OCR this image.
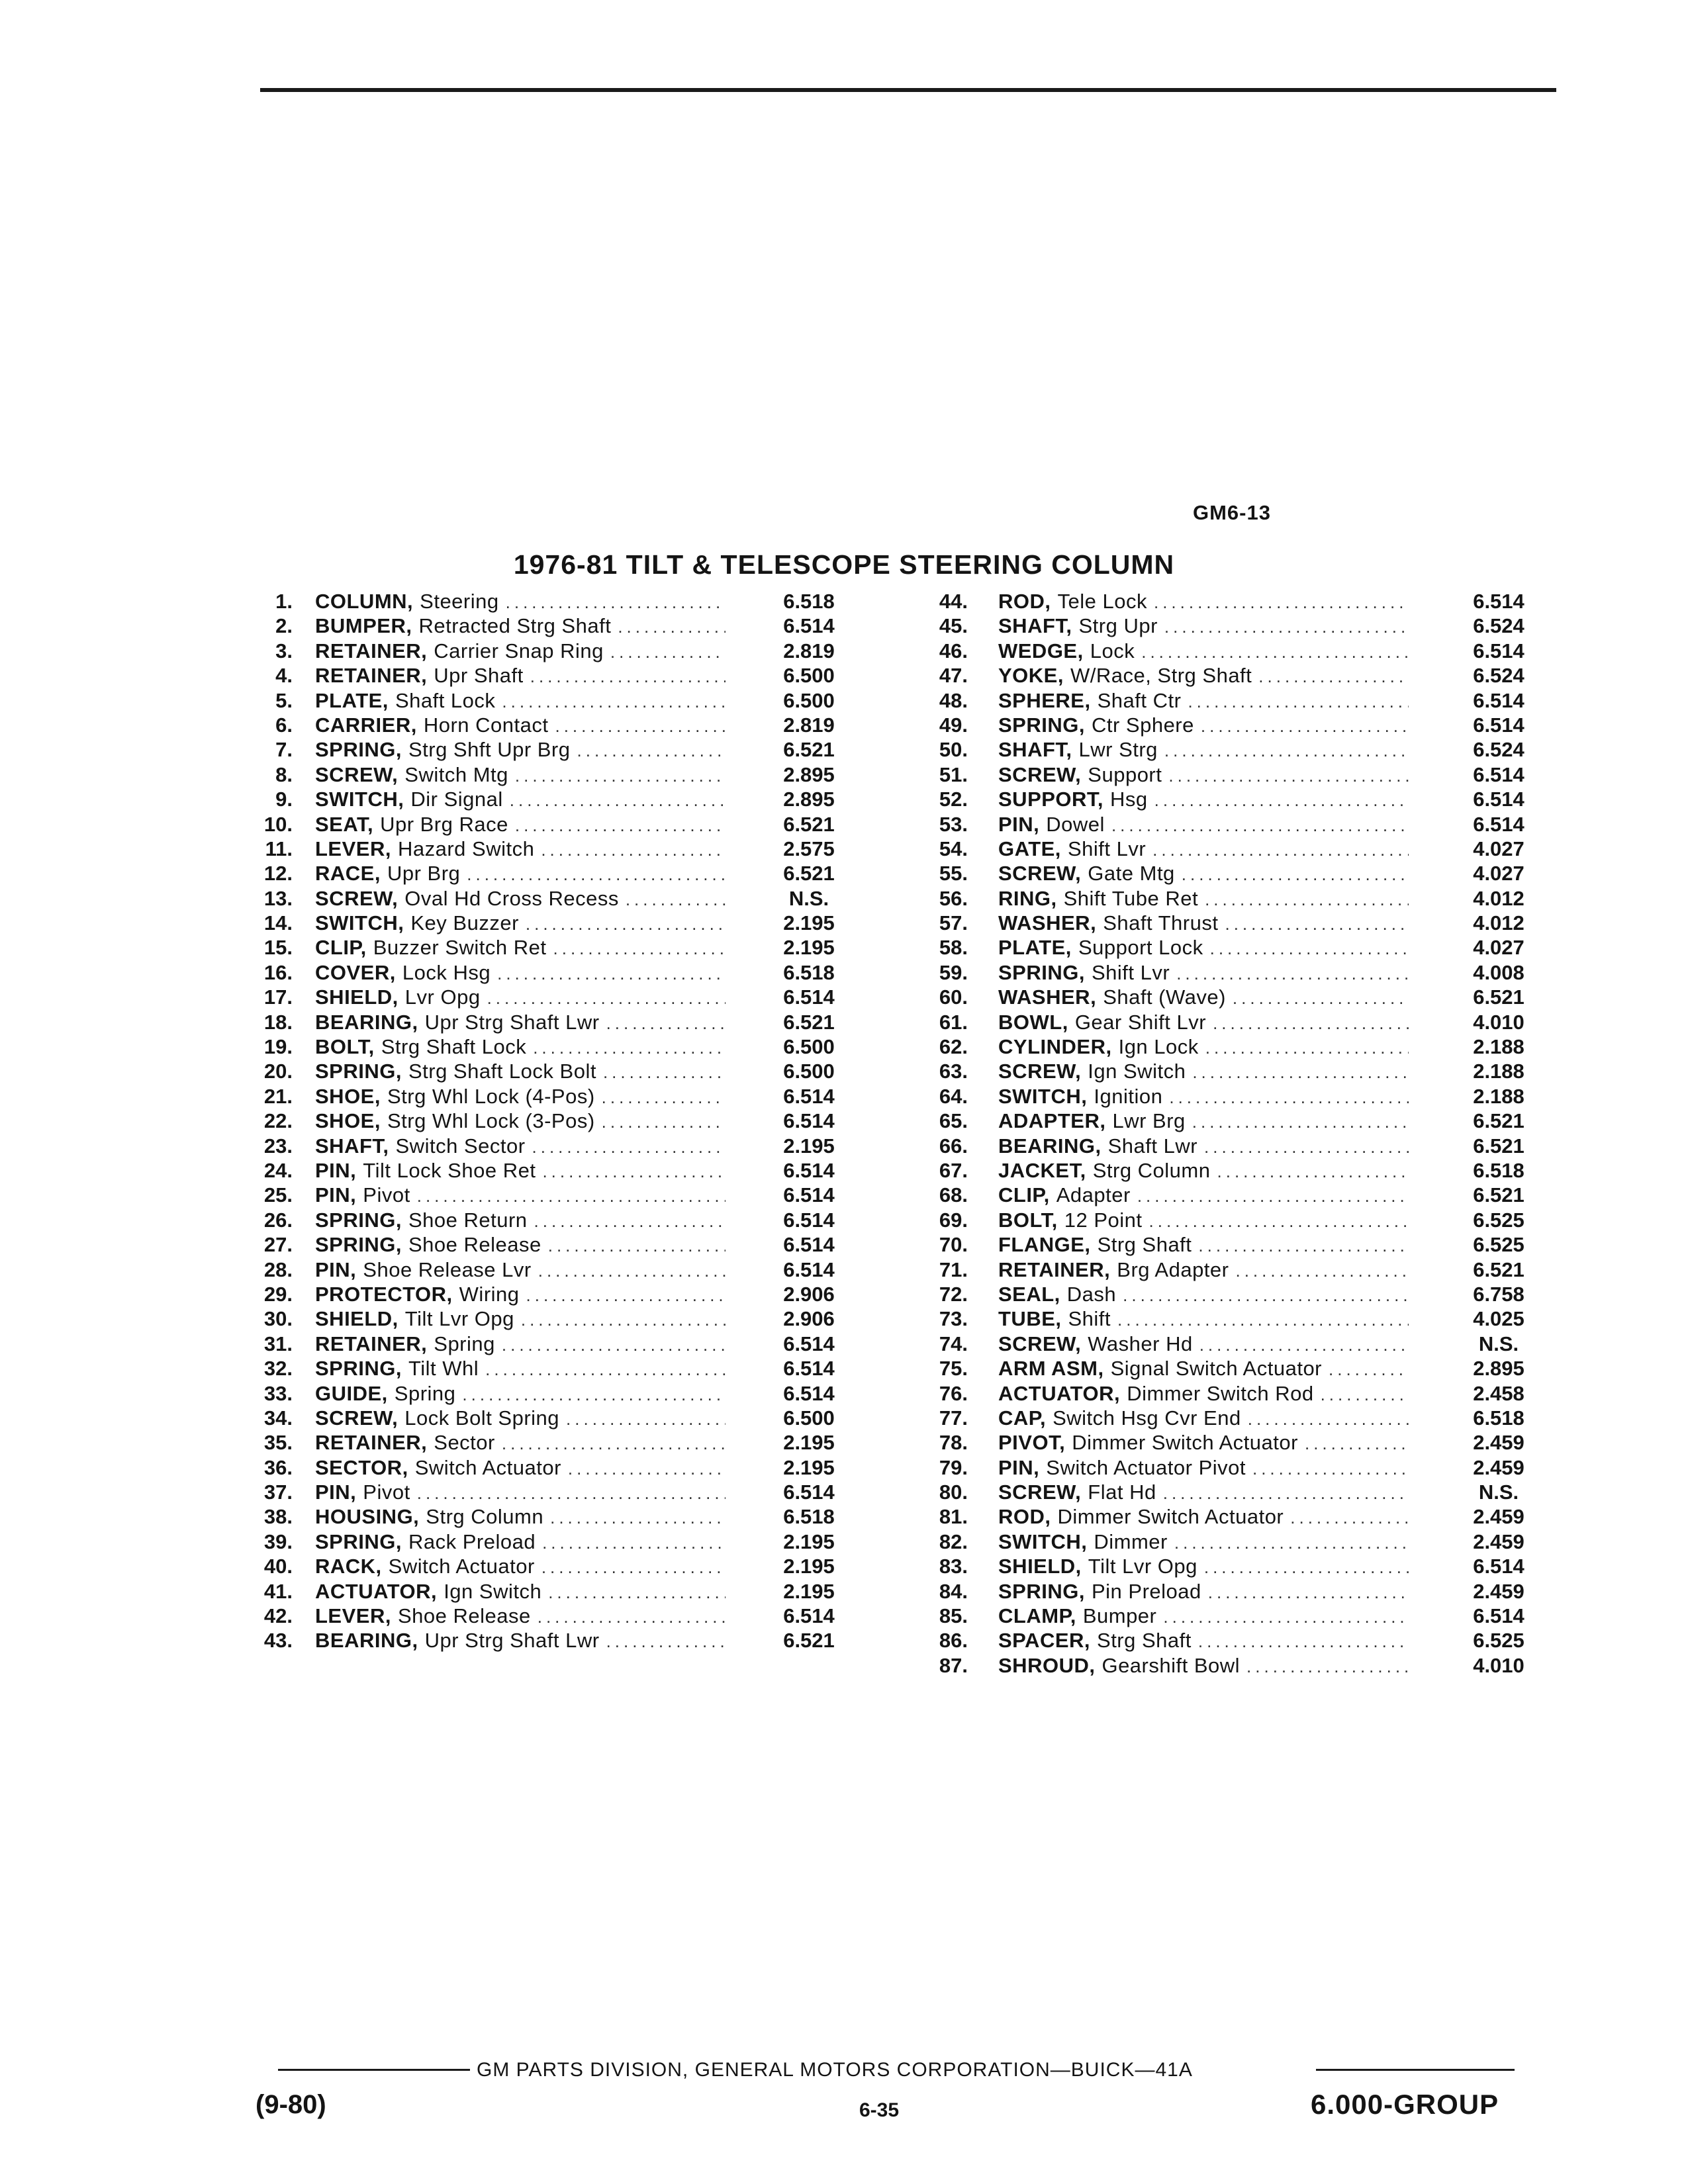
GM6-13
1976-81 TILT & TELESCOPE STEERING COLUMN
1. COLUMN, Steering .....	6.518
2. BUMPER, Retracted Strg Shaft .....	6.514
3. RETAINER, Carrier Snap Ring .....	2.819
4. RETAINER, Upr Shaft .....	6.500
5. PLATE, Shaft Lock .....	6.500
6. CARRIER, Horn Contact .....	2.819
7. SPRING, Strg Shft Upr Brg .....	6.521
8. SCREW, Switch Mtg .....	2.895
9. SWITCH, Dir Signal .....	2.895
10. SEAT, Upr Brg Race .....	6.521
11. LEVER, Hazard Switch .....	2.575
12. RACE, Upr Brg .....	6.521
13. SCREW, Oval Hd Cross Recess .....	N.S.
14. SWITCH, Key Buzzer .....	2.195
15. CLIP, Buzzer Switch Ret .....	2.195
16. COVER, Lock Hsg .....	6.518
17. SHIELD, Lvr Opg .....	6.514
18. BEARING, Upr Strg Shaft Lwr .....	6.521
19. BOLT, Strg Shaft Lock .....	6.500
20. SPRING, Strg Shaft Lock Bolt .....	6.500
21. SHOE, Strg Whl Lock (4-Pos) .....	6.514
22. SHOE, Strg Whl Lock (3-Pos) .....	6.514
23. SHAFT, Switch Sector .....	2.195
24. PIN, Tilt Lock Shoe Ret .....	6.514
25. PIN, Pivot .....	6.514
26. SPRING, Shoe Return .....	6.514
27. SPRING, Shoe Release .....	6.514
28. PIN, Shoe Release Lvr .....	6.514
29. PROTECTOR, Wiring .....	2.906
30. SHIELD, Tilt Lvr Opg .....	2.906
31. RETAINER, Spring .....	6.514
32. SPRING, Tilt Whl .....	6.514
33. GUIDE, Spring .....	6.514
34. SCREW, Lock Bolt Spring .....	6.500
35. RETAINER, Sector .....	2.195
36. SECTOR, Switch Actuator .....	2.195
37. PIN, Pivot .....	6.514
38. HOUSING, Strg Column .....	6.518
39. SPRING, Rack Preload .....	2.195
40. RACK, Switch Actuator .....	2.195
41. ACTUATOR, Ign Switch .....	2.195
42. LEVER, Shoe Release .....	6.514
43. BEARING, Upr Strg Shaft Lwr .....	6.521
44. ROD, Tele Lock .....	6.514
45. SHAFT, Strg Upr .....	6.524
46. WEDGE, Lock .....	6.514
47. YOKE, W/Race, Strg Shaft .....	6.524
48. SPHERE, Shaft Ctr .....	6.514
49. SPRING, Ctr Sphere .....	6.514
50. SHAFT, Lwr Strg .....	6.524
51. SCREW, Support .....	6.514
52. SUPPORT, Hsg .....	6.514
53. PIN, Dowel .....	6.514
54. GATE, Shift Lvr .....	4.027
55. SCREW, Gate Mtg .....	4.027
56. RING, Shift Tube Ret .....	4.012
57. WASHER, Shaft Thrust .....	4.012
58. PLATE, Support Lock .....	4.027
59. SPRING, Shift Lvr .....	4.008
60. WASHER, Shaft (Wave) .....	6.521
61. BOWL, Gear Shift Lvr .....	4.010
62. CYLINDER, Ign Lock .....	2.188
63. SCREW, Ign Switch .....	2.188
64. SWITCH, Ignition .....	2.188
65. ADAPTER, Lwr Brg .....	6.521
66. BEARING, Shaft Lwr .....	6.521
67. JACKET, Strg Column .....	6.518
68. CLIP, Adapter .....	6.521
69. BOLT, 12 Point .....	6.525
70. FLANGE, Strg Shaft .....	6.525
71. RETAINER, Brg Adapter .....	6.521
72. SEAL, Dash .....	6.758
73. TUBE, Shift .....	4.025
74. SCREW, Washer Hd .....	N.S.
75. ARM ASM, Signal Switch Actuator .....	2.895
76. ACTUATOR, Dimmer Switch Rod .....	2.458
77. CAP, Switch Hsg Cvr End .....	6.518
78. PIVOT, Dimmer Switch Actuator .....	2.459
79. PIN, Switch Actuator Pivot .....	2.459
80. SCREW, Flat Hd .....	N.S.
81. ROD, Dimmer Switch Actuator .....	2.459
82. SWITCH, Dimmer .....	2.459
83. SHIELD, Tilt Lvr Opg .....	6.514
84. SPRING, Pin Preload .....	2.459
85. CLAMP, Bumper .....	6.514
86. SPACER, Strg Shaft .....	6.525
87. SHROUD, Gearshift Bowl .....	4.010
GM PARTS DIVISION, GENERAL MOTORS CORPORATION—BUICK—41A
(9-80)	6-35	6.000-GROUP
